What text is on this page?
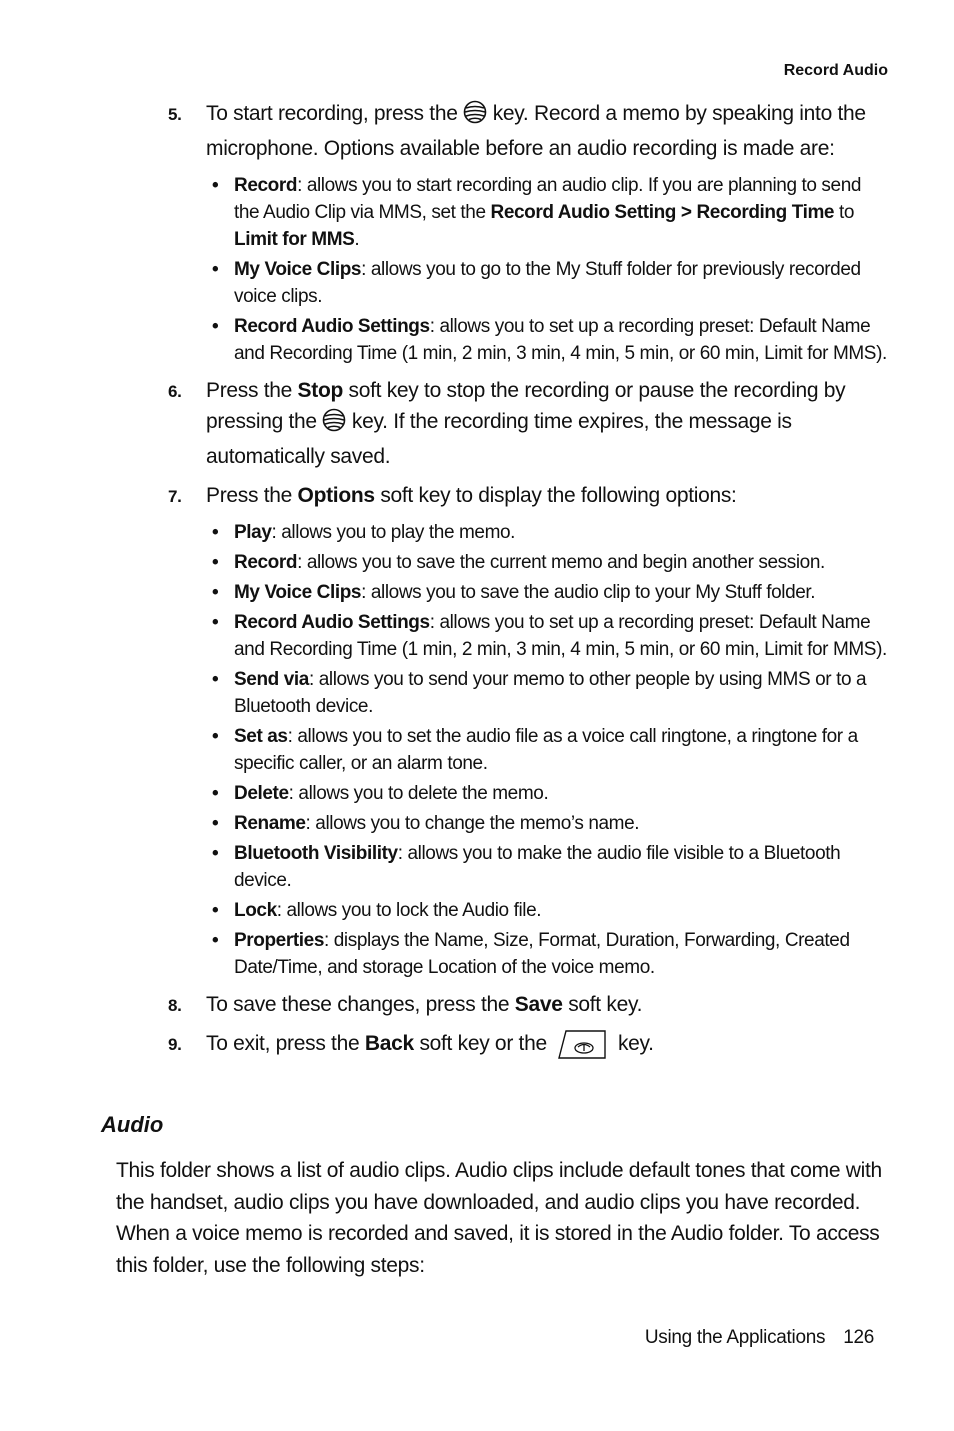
Record Audio
5. To start recording, press the key. Record a memo by speaking into the microphone. Options available before an audio recording is made are:
• Record: allows you to start recording an audio clip. If you are planning to send the Audio Clip via MMS, set the Record Audio Setting > Recording Time to Limit for MMS.
• My Voice Clips: allows you to go to the My Stuff folder for previously recorded voice clips.
• Record Audio Settings: allows you to set up a recording preset: Default Name and Recording Time (1 min, 2 min, 3 min, 4 min, 5 min, or 60 min, Limit for MMS).
6. Press the Stop soft key to stop the recording or pause the recording by pressing the key. If the recording time expires, the message is automatically saved.
7. Press the Options soft key to display the following options:
• Play: allows you to play the memo.
• Record: allows you to save the current memo and begin another session.
• My Voice Clips: allows you to save the audio clip to your My Stuff folder.
• Record Audio Settings: allows you to set up a recording preset: Default Name and Recording Time (1 min, 2 min, 3 min, 4 min, 5 min, or 60 min, Limit for MMS).
• Send via: allows you to send your memo to other people by using MMS or to a Bluetooth device.
• Set as: allows you to set the audio file as a voice call ringtone, a ringtone for a specific caller, or an alarm tone.
• Delete: allows you to delete the memo.
• Rename: allows you to change the memo’s name.
• Bluetooth Visibility: allows you to make the audio file visible to a Bluetooth device.
• Lock: allows you to lock the Audio file.
• Properties: displays the Name, Size, Format, Duration, Forwarding, Created Date/Time, and storage Location of the voice memo.
8. To save these changes, press the Save soft key.
9. To exit, press the Back soft key or the	key.
Audio
This folder shows a list of audio clips. Audio clips include default tones that come with the handset, audio clips you have downloaded, and audio clips you have recorded. When a voice memo is recorded and saved, it is stored in the Audio folder. To access this folder, use the following steps:
Using the Applications 126
